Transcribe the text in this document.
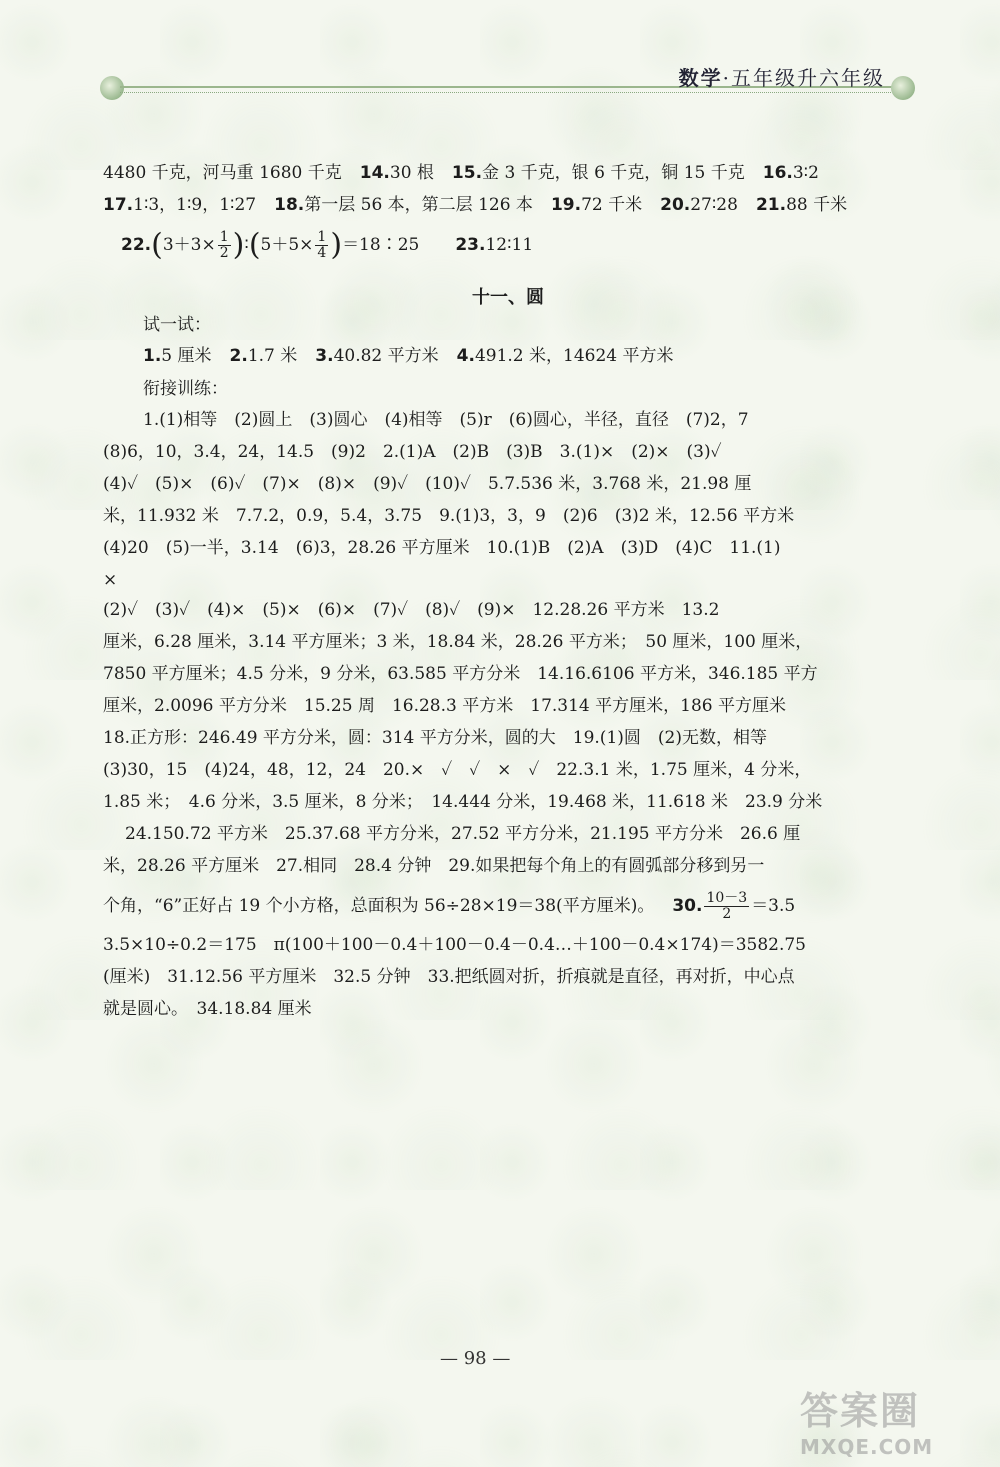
数学·五年级升六年级
4480 千克，河马重 1680 千克 14.30 根 15.金 3 千克，银 6 千克，铜 15 千克 16.3∶2
17.1∶3，1∶9，1∶27 18.第一层 56 本，第二层 126 本 19.72 千米 20.27∶28 21.88 千米
$22.(3+3\times \frac{1}{2}$ )∶(5＋5× $\frac{1}{4}$ )＝18∶25 23.12∶11
十一、圆
试一试：
1.5 厘米 2.1.7 米 3.40.82 平方米 4.491.2 米，14624 平方米
衔接训练：
1.(1)相等　(2)圆上　(3)圆心　(4)相等　(5)r　(6)圆心，半径，直径　(7)2，7
(8)6，10，3.4，24，14.5　(9)2　2.(1)A　(2)B　(3)B　3.(1)×　(2)×　(3)✓
(4)✓　(5)×　(6)✓　(7)×　(8)×　(9)✓　(10)✓　5.7.536 米，3.768 米，21.98 厘
米，11.932 米　7.7.2，0.9，5.4，3.75　9.(1)3，3，9　(2)6　(3)2 米，12.56 平方米
(4)20　(5)一半，3.14　(6)3，28.26 平方厘米　10.(1)B　(2)A　(3)D　(4)C　11.(1)
×
(2)✓　(3)✓　(4)×　(5)×　(6)×　(7)✓　(8)✓　(9)×　12.28.26 平方米　13.2
厘米，6.28 厘米，3.14 平方厘米；3 米，18.84 米，28.26 平方米；　50 厘米，100 厘米，
7850 平方厘米；4.5 分米，9 分米，63.585 平方分米　14.16.6106 平方米，346.185 平方
厘米，2.0096 平方分米　15.25 周　16.28.3 平方米　17.314 平方厘米，186 平方厘米
18.正方形：246.49 平方分米，圆：314 平方分米，圆的大　19.(1)圆　(2)无数，相等
(3)30，15　(4)24，48，12，24　20.×　✓　✓　×　✓　22.3.1 米，1.75 厘米，4 分米，
1.85 米；　4.6 分米，3.5 厘米，8 分米；　14.444 分米，19.468 米，11.618 米　23.9 分米
24.150.72 平方米　25.37.68 平方分米，27.52 平方分米，21.195 平方分米　26.6 厘
米，28.26 平方厘米　27.相同　28.4 分钟　29.如果把每个角上的有圆弧部分移到另一
个角，“6”正好占 19 个小方格，总面积为 56÷28×19＝38(平方厘米)。 30. $\frac{10-3}{2} =3.5$
3.5×10÷0.2＝175　π(100＋100－0.4＋100－0.4－0.4…＋100－0.4×174)＝3582.75
(厘米)　31.12.56 平方厘米　32.5 分钟　33.把纸圆对折，折痕就是直径，再对折，中心点
就是圆心。　34.18.84 厘米
— 98 —
答案圈
MXQE.COM
